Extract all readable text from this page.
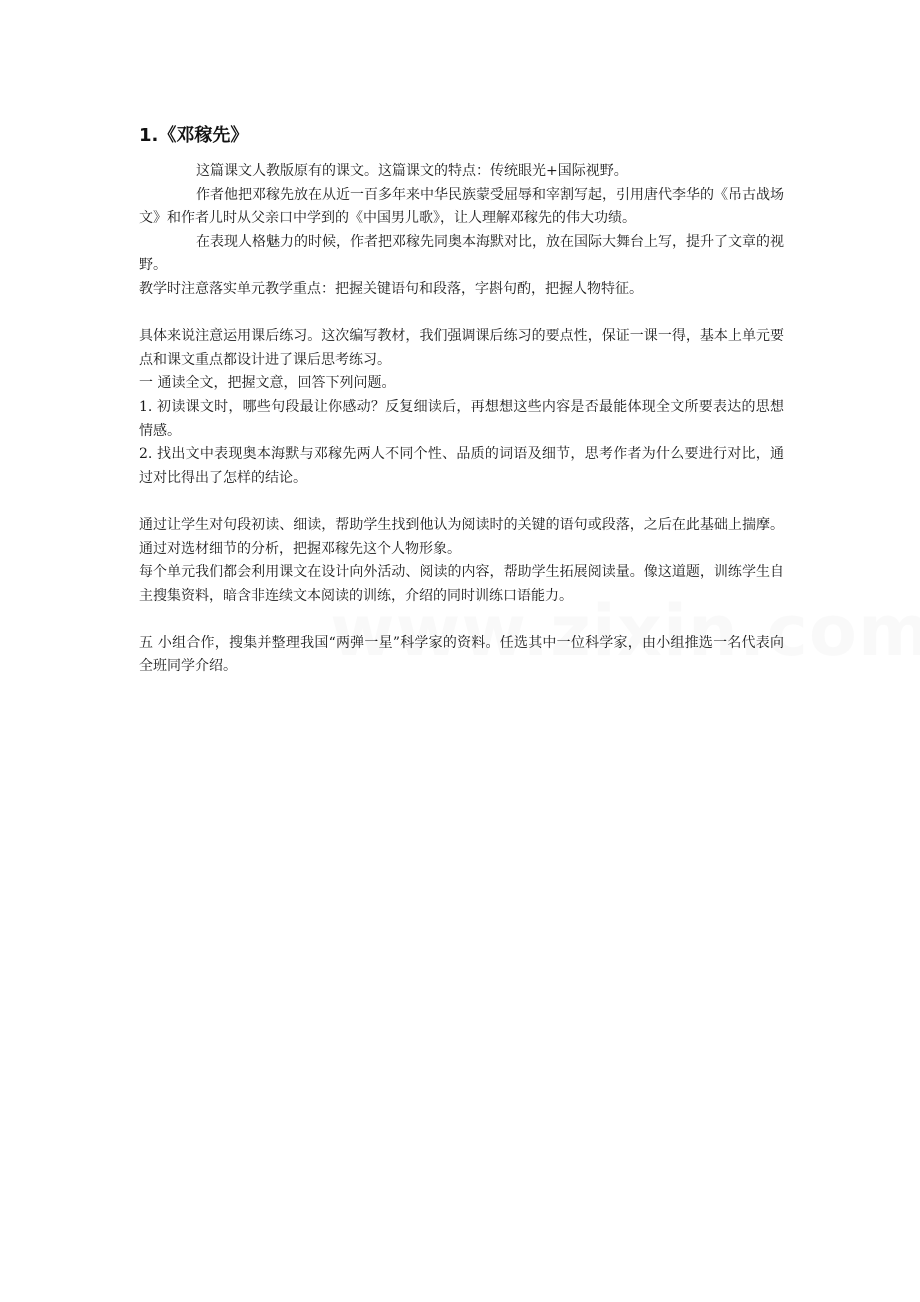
1.《邓稼先》

这篇课文人教版原有的课文。这篇课文的特点：传统眼光+国际视野。

作者他把邓稼先放在从近一百多年来中华民族蒙受屈辱和宰割写起，引用唐代李华的《吊古战场文》和作者儿时从父亲口中学到的《中国男儿歌》，让人理解邓稼先的伟大功绩。

在表现人格魅力的时候，作者把邓稼先同奥本海默对比，放在国际大舞台上写，提升了文章的视野。

教学时注意落实单元教学重点：把握关键语句和段落，字斟句酌，把握人物特征。

具体来说注意运用课后练习。这次编写教材，我们强调课后练习的要点性，保证一课一得，基本上单元要点和课文重点都设计进了课后思考练习。

一 通读全文，把握文意，回答下列问题。

1. 初读课文时，哪些句段最让你感动？反复细读后，再想想这些内容是否最能体现全文所要表达的思想情感。

2. 找出文中表现奥本海默与邓稼先两人不同个性、品质的词语及细节，思考作者为什么要进行对比，通过对比得出了怎样的结论。

通过让学生对句段初读、细读，帮助学生找到他认为阅读时的关键的语句或段落，之后在此基础上揣摩。通过对选材细节的分析，把握邓稼先这个人物形象。

每个单元我们都会利用课文在设计向外活动、阅读的内容，帮助学生拓展阅读量。像这道题，训练学生自主搜集资料，暗含非连续文本阅读的训练，介绍的同时训练口语能力。

五 小组合作，搜集并整理我国“两弹一星”科学家的资料。任选其中一位科学家，由小组推选一名代表向全班同学介绍。
